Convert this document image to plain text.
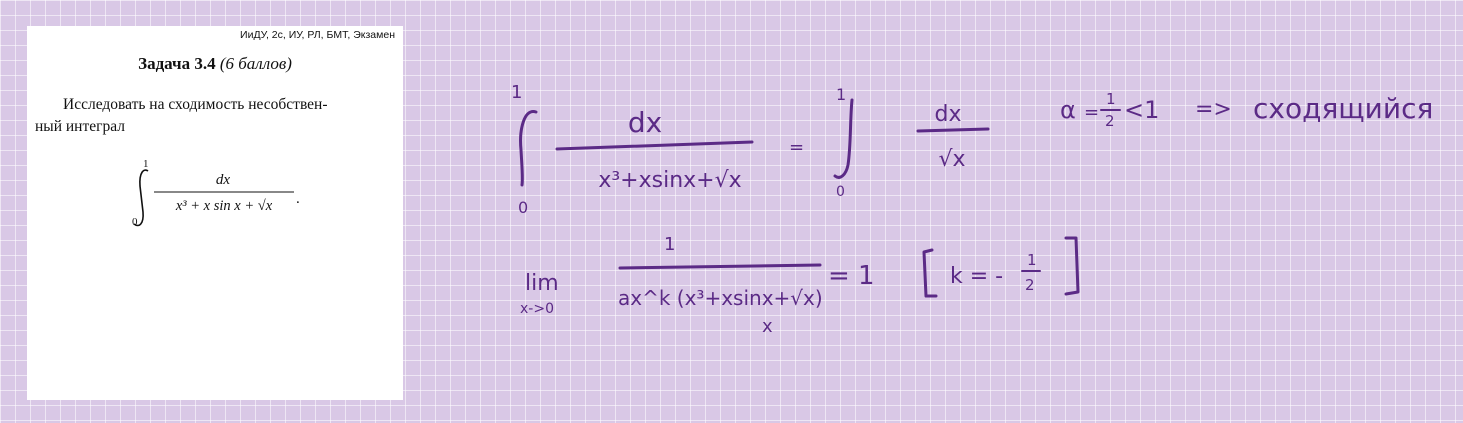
ИиДУ, 2с, ИУ, РЛ, БМТ, Экзамен
Задача 3.4 (6 баллов)
Исследовать на сходимость несобствен-
ный интеграл
1
0
dx
x³ + x sin x + √x .
1
0
dx
x³+xsinx+√x
=
1
0
dx
√x
α =
1
2 <1 => сходящийся
lim
x->0
1
ax^k (x³+xsinx+√x)
x
= 1	k = -
1
2
